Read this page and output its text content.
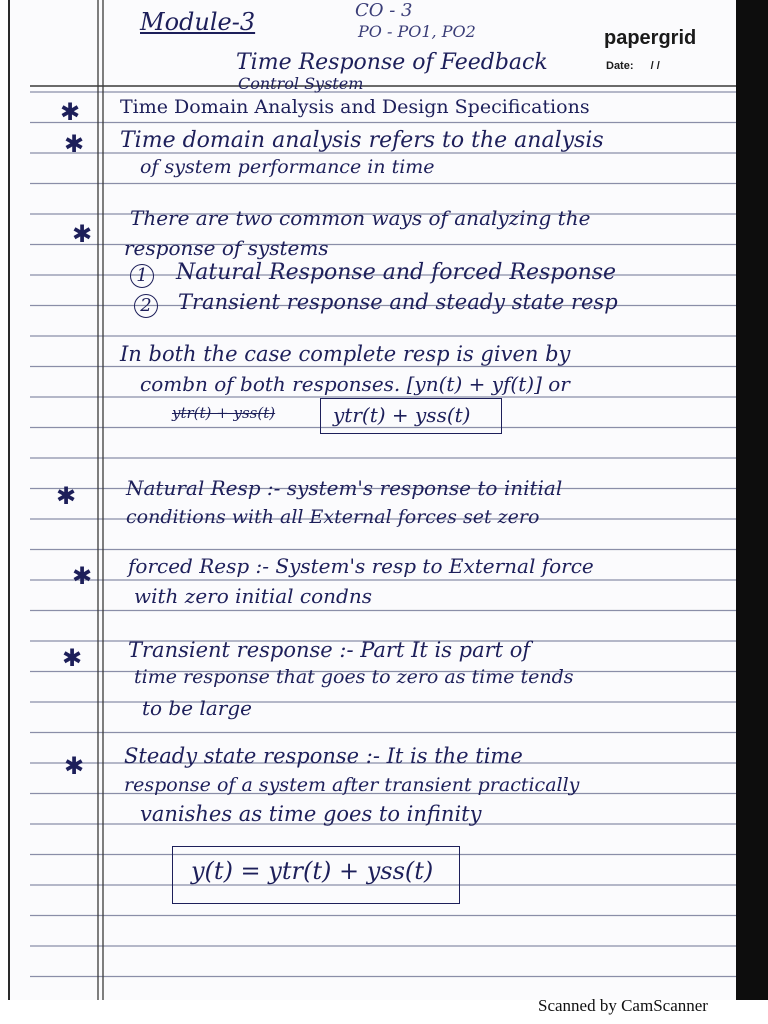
papergrid
Date: / /
Module-3	CO - 3
PO - PO1, PO2
Time Response of Feedback
Control System
✱ Time Domain Analysis and Design Specifications
✱ Time domain analysis refers to the analysis
of system performance in time
✱
There are two common ways of analyzing the
response of systems
1 Natural Response and forced Response
2 Transient response and steady state resp
In both the case complete resp is given by
combn of both responses. [yn(t) + yf(t)] or
ytr(t) + yss(t)	ytr(t) + yss(t)
✱ Natural Resp :- system's response to initial
conditions with all External forces set zero
✱ forced Resp :- System's resp to External force
with zero initial condns
✱ Transient response :- Part It is part of
time response that goes to zero as time tends
to be large
✱ Steady state response :- It is the time
response of a system after transient practically
vanishes as time goes to infinity
y(t) = ytr(t) + yss(t)
Scanned by CamScanner
